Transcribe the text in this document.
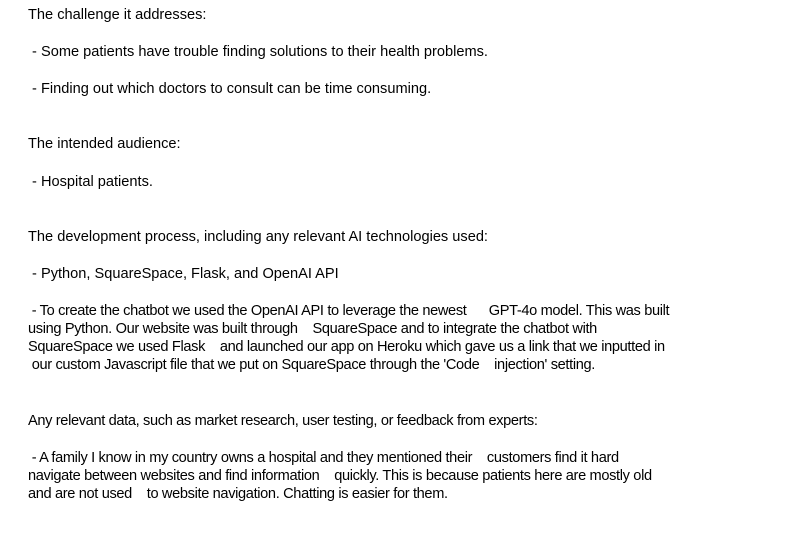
The challenge it addresses:
- Some patients have trouble finding solutions to their health problems.
- Finding out which doctors to consult can be time consuming.
The intended audience:
- Hospital patients.
The development process, including any relevant AI technologies used:
- Python, SquareSpace, Flask, and OpenAI API
- To create the chatbot we used the OpenAI API to leverage the newest      GPT-4o model. This was built
using Python. Our website was built through    SquareSpace and to integrate the chatbot with
SquareSpace we used Flask    and launched our app on Heroku which gave us a link that we inputted in
our custom Javascript file that we put on SquareSpace through the 'Code    injection' setting.
Any relevant data, such as market research, user testing, or feedback from experts:
- A family I know in my country owns a hospital and they mentioned their    customers find it hard
navigate between websites and find information    quickly. This is because patients here are mostly old
and are not used    to website navigation. Chatting is easier for them.
